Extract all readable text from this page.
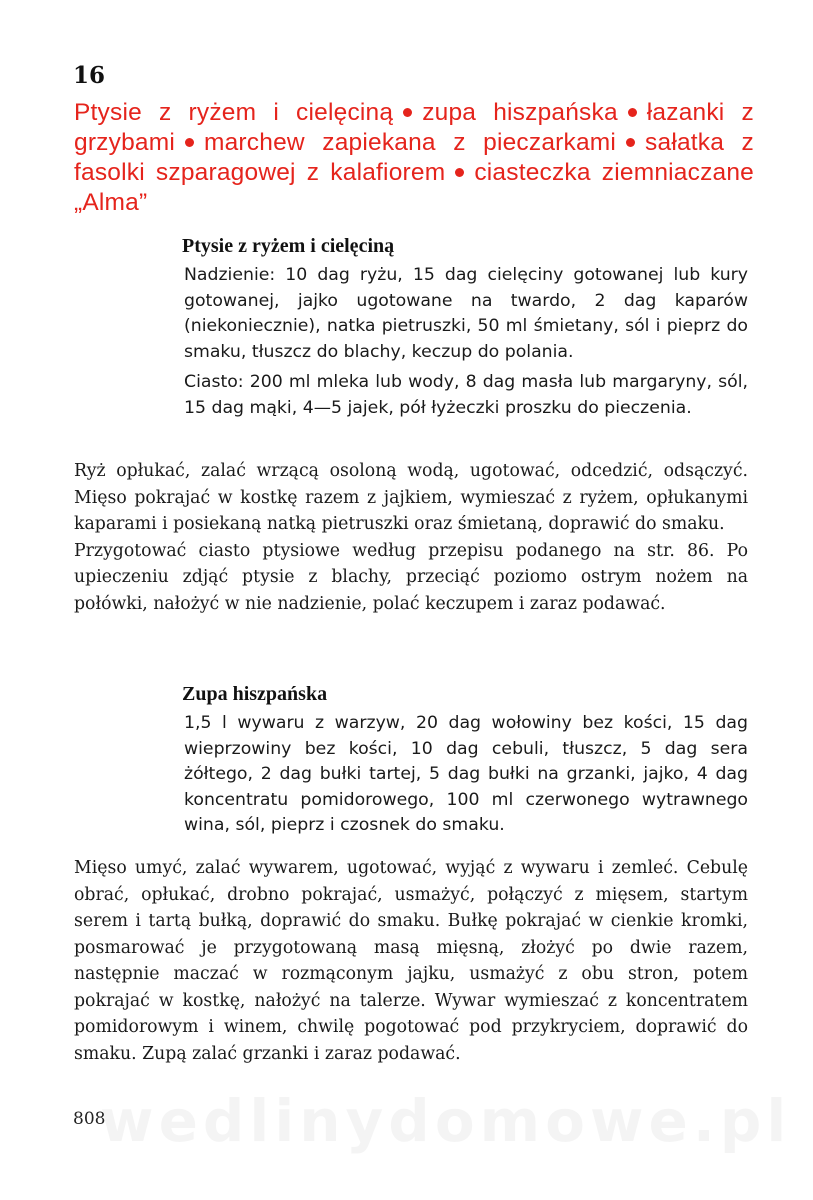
16
Ptysie z ryżem i cielęciną zupa hiszpańska łazanki z grzybami marchew zapiekana z pieczarkami sałatka z fasolki szparagowej z kalafiorem ciasteczka ziemniaczane „Alma”
Ptysie z ryżem i cielęciną

Nadzienie: 10 dag ryżu, 15 dag cielęciny gotowanej lub kury gotowanej, jajko ugotowane na twardo, 2 dag kaparów (niekoniecznie), natka pietruszki, 50 ml śmietany, sól i pieprz do smaku, tłuszcz do blachy, keczup do polania.

Ciasto: 200 ml mleka lub wody, 8 dag masła lub margaryny, sól, 15 dag mąki, 4—5 jajek, pół łyżeczki proszku do pieczenia.

Ryż opłukać, zalać wrzącą osoloną wodą, ugotować, odcedzić, odsączyć. Mięso pokrajać w kostkę razem z jajkiem, wymieszać z ryżem, opłukanymi kaparami i posiekaną natką pietruszki oraz śmietaną, doprawić do smaku.

Przygotować ciasto ptysiowe według przepisu podanego na str. 86. Po upieczeniu zdjąć ptysie z blachy, przeciąć poziomo ostrym nożem na połówki, nałożyć w nie nadzienie, polać keczupem i zaraz podawać.

Zupa hiszpańska

1,5 l wywaru z warzyw, 20 dag wołowiny bez kości, 15 dag wieprzowiny bez kości, 10 dag cebuli, tłuszcz, 5 dag sera żółtego, 2 dag bułki tartej, 5 dag bułki na grzanki, jajko, 4 dag koncentratu pomidorowego, 100 ml czerwonego wytrawnego wina, sól, pieprz i czosnek do smaku.

Mięso umyć, zalać wywarem, ugotować, wyjąć z wywaru i zemleć. Cebulę obrać, opłukać, drobno pokrajać, usmażyć, połączyć z mięsem, startym serem i tartą bułką, doprawić do smaku. Bułkę pokrajać w cienkie kromki, posmarować je przygotowaną masą mięsną, złożyć po dwie razem, następnie maczać w rozmąconym jajku, usmażyć z obu stron, potem pokrajać w kostkę, nałożyć na talerze. Wywar wymieszać z koncentratem pomidorowym i winem, chwilę pogotować pod przykryciem, doprawić do smaku. Zupą zalać grzanki i zaraz podawać.

808
